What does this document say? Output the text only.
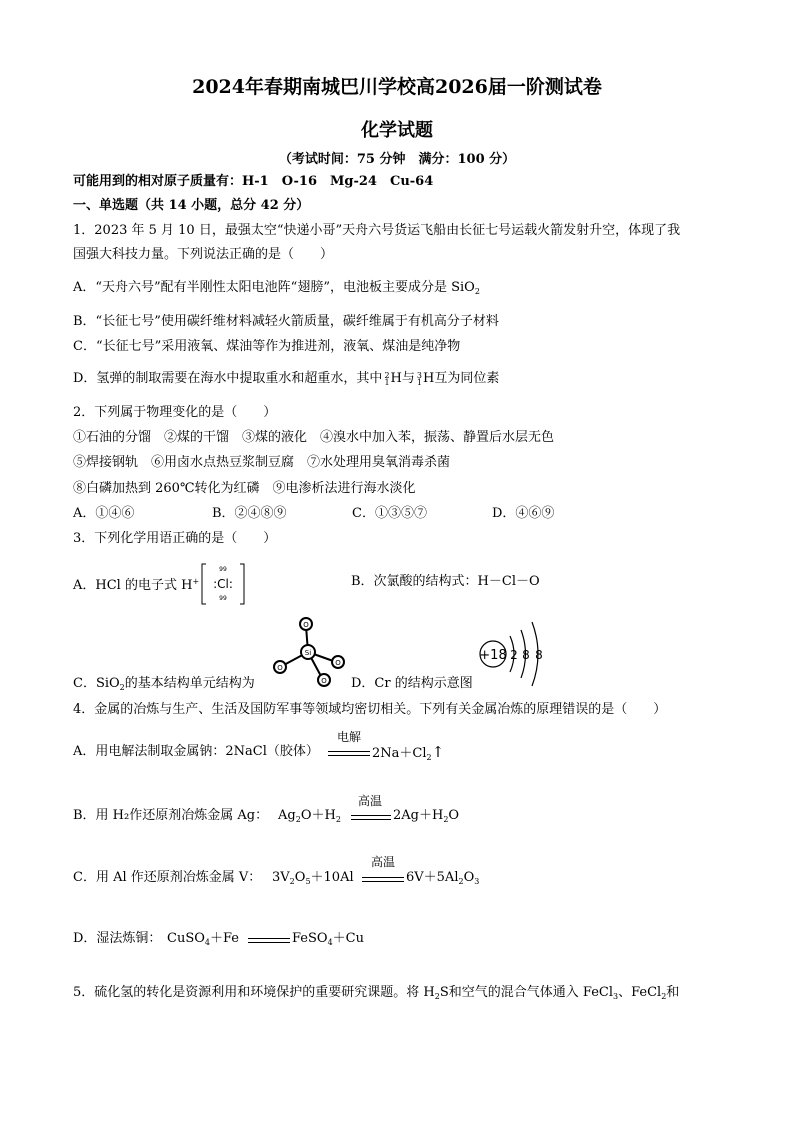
2024年春期南城巴川学校高2026届一阶测试卷
化学试题
（考试时间：75 分钟　满分：100 分）
可能用到的相对原子质量有：H-1　O-16　Mg-24　Cu-64
一、单选题（共 14 小题，总分 42 分）
1．2023 年 5 月 10 日，最强太空“快递小哥”天舟六号货运飞船由长征七号运载火箭发射升空，体现了我
国强大科技力量。下列说法正确的是（　　）
A．“天舟六号”配有半刚性太阳电池阵“翅膀”，电池板主要成分是 SiO$_2$
B．“长征七号”使用碳纤维材料减轻火箭质量，碳纤维属于有机高分子材料
C．“长征七号”采用液氧、煤油等作为推进剂，液氧、煤油是纯净物
D．氢弹的制取需要在海水中提取重水和超重水，其中 2
1H与 3
1H互为同位素
2．下列属于物理变化的是（　　）
①石油的分馏　②煤的干馏　③煤的液化　④溴水中加入苯，振荡、静置后水层无色
⑤焊接钢轨　⑥用卤水点热豆浆制豆腐　⑦水处理用臭氧消毒杀菌
⑧白磷加热到 260℃转化为红磷　⑨电渗析法进行海水淡化
A．①④⑥	B．②④⑧⑨	C．①③⑤⑦	D．④⑥⑨
3．下列化学用语正确的是（　　）
A．HCl 的电子式 H+
99
:Cl:
99
B．次氯酸的结构式：H－Cl－O
Si
O
O
O
O
+18 2 8 8
C．SiO$_2$的基本结构单元结构为	D．Cr 的结构示意图
4．金属的冶炼与生产、生活及国防军事等领域均密切相关。下列有关金属冶炼的原理错误的是（　　）
A．用电解法制取金属钠：2NaCl（胶体）
电解
$2Na+Cl_2↑$
B．用 H₂作还原剂冶炼金属 Ag： $Ag_2O+H_2$
高温
$2Ag+H_2O$
C．用 Al 作还原剂冶炼金属 V： $3V_2O_5+10Al$
高温
$6V+5Al_2O_3$
D．湿法炼铜： CuSO$_4$＋Fe	FeSO$_4$＋Cu
5．硫化氢的转化是资源利用和环境保护的重要研究课题。将 $H_2S$和空气的混合气体通入 FeCl$_3$、FeCl$_2$和
